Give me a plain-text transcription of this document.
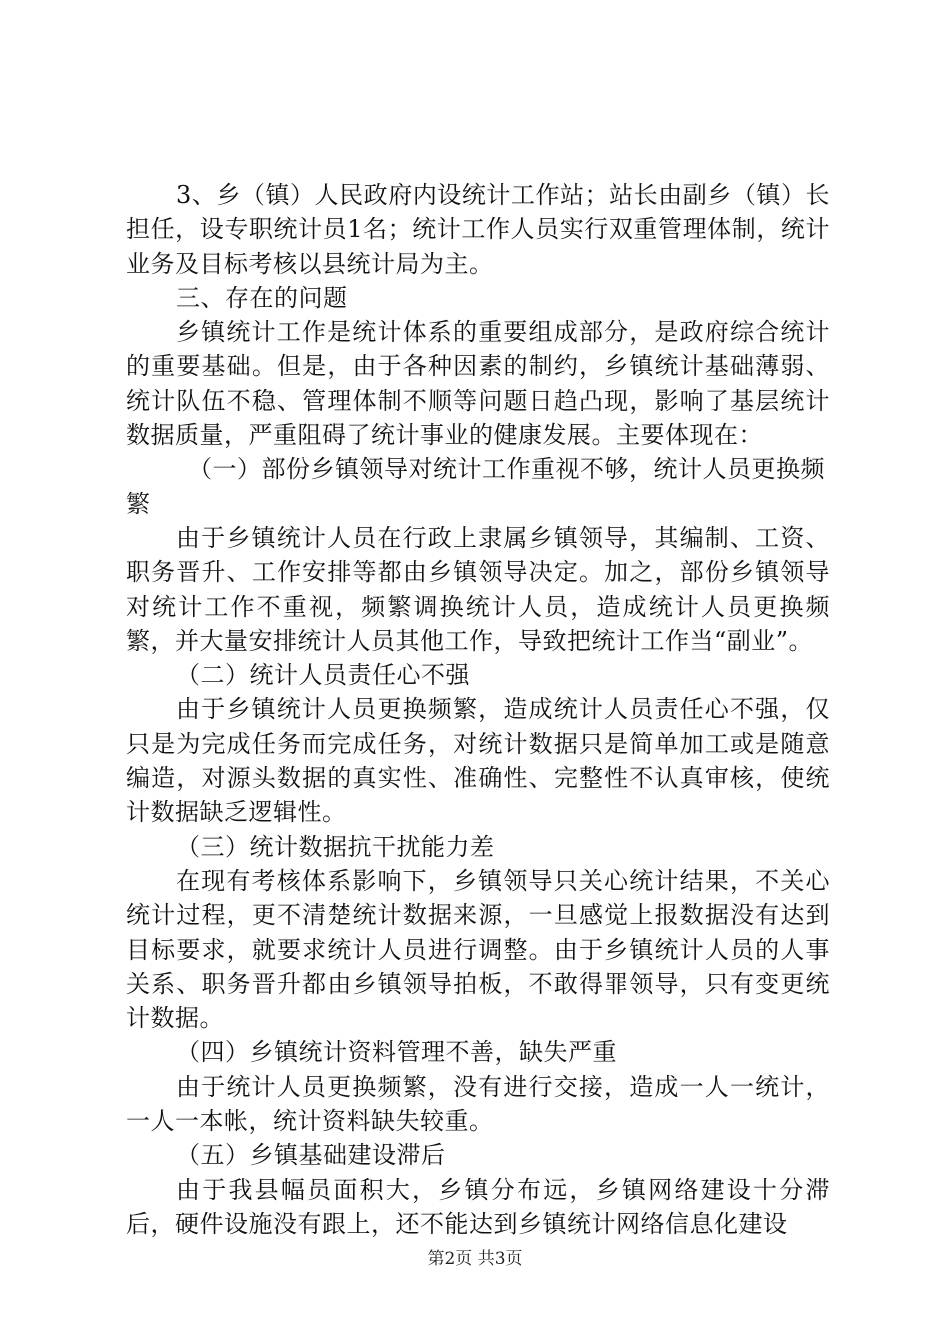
3、乡（镇）人民政府内设统计工作站；站长由副乡（镇）长担任，设专职统计员1名；统计工作人员实行双重管理体制，统计业务及目标考核以县统计局为主。

三、存在的问题

乡镇统计工作是统计体系的重要组成部分，是政府综合统计的重要基础。但是，由于各种因素的制约，乡镇统计基础薄弱、统计队伍不稳、管理体制不顺等问题日趋凸现，影响了基层统计数据质量，严重阻碍了统计事业的健康发展。主要体现在：

（一）部份乡镇领导对统计工作重视不够，统计人员更换频繁

由于乡镇统计人员在行政上隶属乡镇领导，其编制、工资、职务晋升、工作安排等都由乡镇领导决定。加之，部份乡镇领导对统计工作不重视，频繁调换统计人员，造成统计人员更换频繁，并大量安排统计人员其他工作，导致把统计工作当“副业”。

（二）统计人员责任心不强

由于乡镇统计人员更换频繁，造成统计人员责任心不强，仅只是为完成任务而完成任务，对统计数据只是简单加工或是随意编造，对源头数据的真实性、准确性、完整性不认真审核，使统计数据缺乏逻辑性。

（三）统计数据抗干扰能力差

在现有考核体系影响下，乡镇领导只关心统计结果，不关心统计过程，更不清楚统计数据来源，一旦感觉上报数据没有达到目标要求，就要求统计人员进行调整。由于乡镇统计人员的人事关系、职务晋升都由乡镇领导拍板，不敢得罪领导，只有变更统计数据。

（四）乡镇统计资料管理不善，缺失严重

由于统计人员更换频繁，没有进行交接，造成一人一统计，一人一本帐，统计资料缺失较重。

（五）乡镇基础建设滞后

由于我县幅员面积大，乡镇分布远，乡镇网络建设十分滞后，硬件设施没有跟上，还不能达到乡镇统计网络信息化建设

第2页 共3页
